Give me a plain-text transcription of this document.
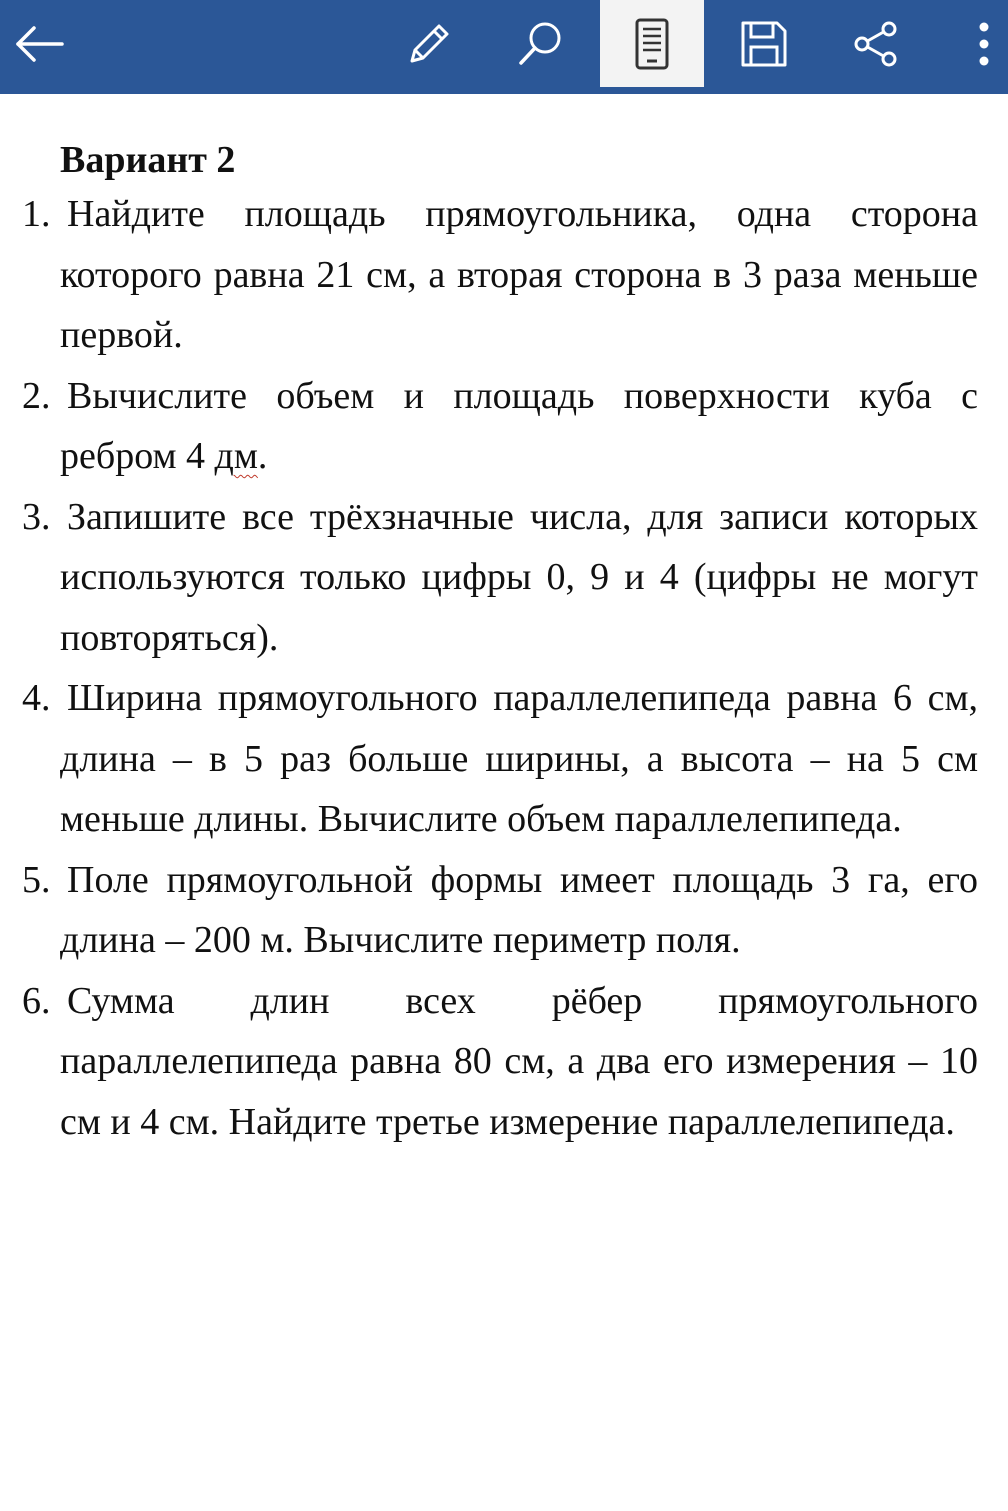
Вариант 2
1. Найдите площадь прямоугольника, одна сторона которого равна 21 см, а вторая сторона в 3 раза меньше первой.
2. Вычислите объем и площадь поверхности куба с ребром 4 дм.
3. Запишите все трёхзначные числа, для записи которых используются только цифры 0, 9 и 4 (цифры не могут повторяться).
4. Ширина прямоугольного параллелепипеда равна 6 см, длина – в 5 раз больше ширины, а высота – на 5 см меньше длины. Вычислите объем параллелепипеда.
5. Поле прямоугольной формы имеет площадь 3 га, его длина – 200 м. Вычислите периметр поля.
6. Сумма длин всех рёбер прямоугольного параллелепипеда равна 80 см, а два его измерения – 10 см и 4 см. Найдите третье измерение параллелепипеда.
